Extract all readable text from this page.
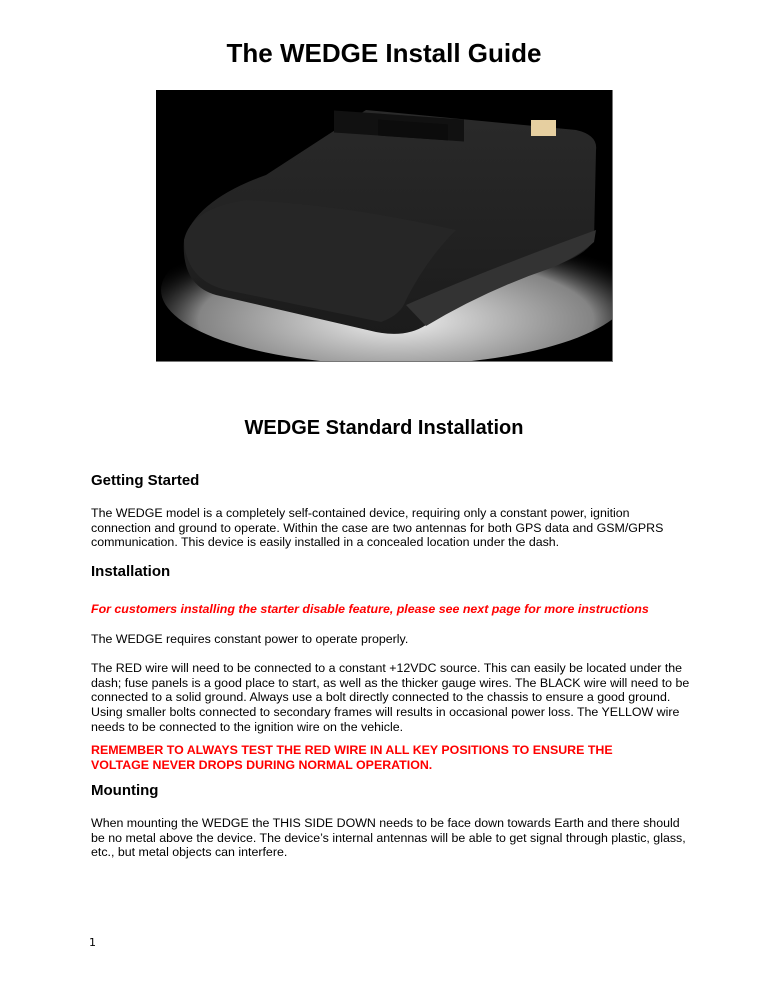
The WEDGE Install Guide
WEDGE Standard Installation
Getting Started
The WEDGE model is a completely self-contained device, requiring only a constant power, ignition connection and ground to operate. Within the case are two antennas for both GPS data and GSM/GPRS communication. This device is easily installed in a concealed location under the dash.
Installation
For customers installing the starter disable feature, please see next page for more instructions
The WEDGE requires constant power to operate properly.
The RED wire will need to be connected to a constant +12VDC source. This can easily be located under the dash; fuse panels is a good place to start, as well as the thicker gauge wires. The BLACK wire will need to be connected to a solid ground. Always use a bolt directly connected to the chassis to ensure a good ground. Using smaller bolts connected to secondary frames will results in occasional power loss. The YELLOW wire needs to be connected to the ignition wire on the vehicle.
REMEMBER TO ALWAYS TEST THE RED WIRE IN ALL KEY POSITIONS TO ENSURE THE VOLTAGE NEVER DROPS DURING NORMAL OPERATION.
Mounting
When mounting the WEDGE the THIS SIDE DOWN needs to be face down towards Earth and there should be no metal above the device. The device’s internal antennas will be able to get signal through plastic, glass, etc., but metal objects can interfere.
1
